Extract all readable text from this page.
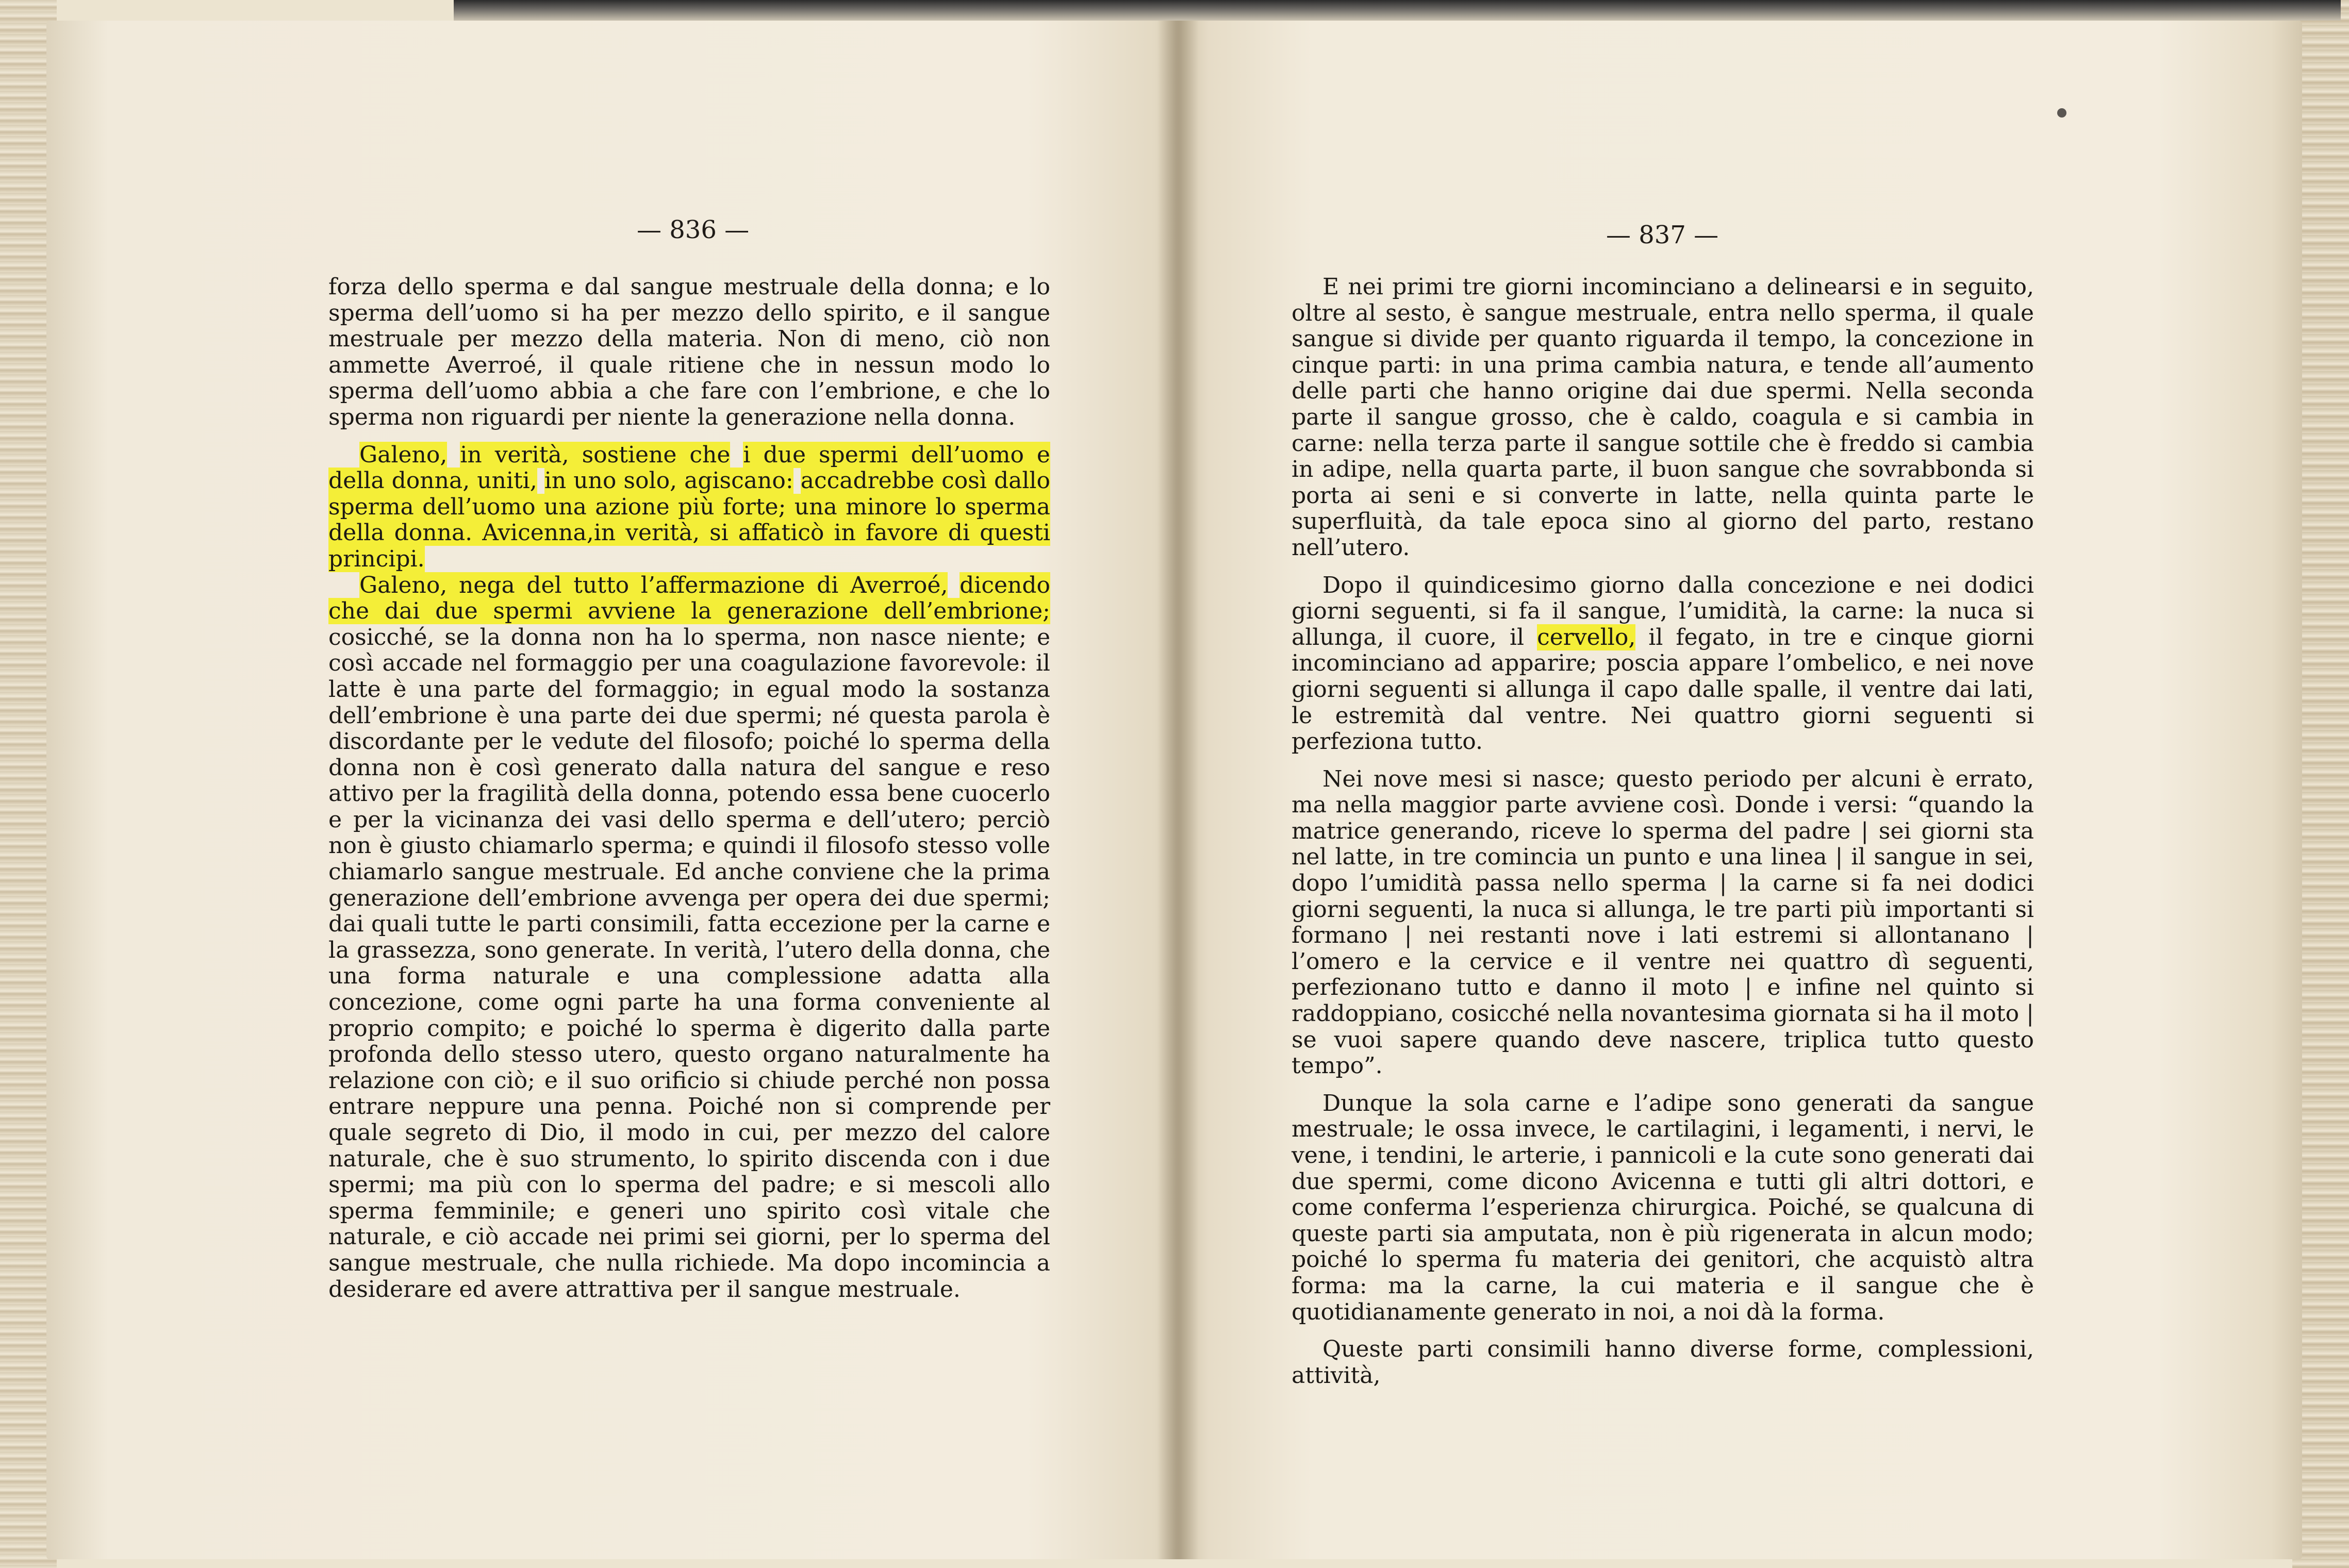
— 836 —	— 837 —

forza dello sperma e dal sangue mestruale della donna; e lo sperma dell’uomo si ha per mezzo dello spirito, e il sangue mestruale per mezzo della materia. Non di meno, ciò non ammette Averroé, il quale ritiene che in nessun modo lo sperma dell’uomo abbia a che fare con l’embrione, e che lo sperma non riguardi per niente la generazione nella donna.

Galeno, in verità, sostiene che i due spermi dell’uomo e della donna, uniti, in uno solo, agiscano: accadrebbe così dallo sperma dell’uomo una azione più forte; una minore lo sperma della donna. Avicenna,in verità, si affaticò in favore di questi principi.

Galeno, nega del tutto l’affermazione di Averroé, dicendo che dai due spermi avviene la generazione dell’embrione; cosicché, se la donna non ha lo sperma, non nasce niente; e così accade nel formaggio per una coagulazione favorevole: il latte è una parte del formaggio; in egual modo la sostanza dell’embrione è una parte dei due spermi; né questa parola è discordante per le vedute del filosofo; poiché lo sperma della donna non è così generato dalla natura del sangue e reso attivo per la fragilità della donna, potendo essa bene cuocerlo e per la vicinanza dei vasi dello sperma e dell’utero; perciò non è giusto chiamarlo sperma; e quindi il filosofo stesso volle chiamarlo sangue mestruale. Ed anche conviene che la prima generazione dell’embrione avvenga per opera dei due spermi; dai quali tutte le parti consimili, fatta eccezione per la carne e la grassezza, sono generate. In verità, l’utero della donna, che una forma naturale e una complessione adatta alla concezione, come ogni parte ha una forma conveniente al proprio compito; e poiché lo sperma è digerito dalla parte profonda dello stesso utero, questo organo naturalmente ha relazione con ciò; e il suo orificio si chiude perché non possa entrare neppure una penna. Poiché non si comprende per quale segreto di Dio, il modo in cui, per mezzo del calore naturale, che è suo strumento, lo spirito discenda con i due spermi; ma più con lo sperma del padre; e si mescoli allo sperma femminile; e generi uno spirito così vitale che naturale, e ciò accade nei primi sei giorni, per lo sperma del sangue mestruale, che nulla richiede. Ma dopo incomincia a desiderare ed avere attrattiva per il sangue mestruale.

E nei primi tre giorni incominciano a delinearsi e in seguito, oltre al sesto, è sangue mestruale, entra nello sperma, il quale sangue si divide per quanto riguarda il tempo, la concezione in cinque parti: in una prima cambia natura, e tende all’aumento delle parti che hanno origine dai due spermi. Nella seconda parte il sangue grosso, che è caldo, coagula e si cambia in carne: nella terza parte il sangue sottile che è freddo si cambia in adipe, nella quarta parte, il buon sangue che sovrabbonda si porta ai seni e si converte in latte, nella quinta parte le superfluità, da tale epoca sino al giorno del parto, restano nell’utero.

Dopo il quindicesimo giorno dalla concezione e nei dodici giorni seguenti, si fa il sangue, l’umidità, la carne: la nuca si allunga, il cuore, il cervello, il fegato, in tre e cinque giorni incominciano ad apparire; poscia appare l’ombelico, e nei nove giorni seguenti si allunga il capo dalle spalle, il ventre dai lati, le estremità dal ventre. Nei quattro giorni seguenti si perfeziona tutto.

Nei nove mesi si nasce; questo periodo per alcuni è errato, ma nella maggior parte avviene così. Donde i versi: “quando la matrice generando, riceve lo sperma del padre | sei giorni sta nel latte, in tre comincia un punto e una linea | il sangue in sei, dopo l’umidità passa nello sperma | la carne si fa nei dodici giorni seguenti, la nuca si allunga, le tre parti più importanti si formano | nei restanti nove i lati estremi si allontanano | l’omero e la cervice e il ventre nei quattro dì seguenti, perfezionano tutto e danno il moto | e infine nel quinto si raddoppiano, cosicché nella novantesima giornata si ha il moto | se vuoi sapere quando deve nascere, triplica tutto questo tempo”.

Dunque la sola carne e l’adipe sono generati da sangue mestruale; le ossa invece, le cartilagini, i legamenti, i nervi, le vene, i tendini, le arterie, i pannicoli e la cute sono generati dai due spermi, come dicono Avicenna e tutti gli altri dottori, e come conferma l’esperienza chirurgica. Poiché, se qualcuna di queste parti sia amputata, non è più rigenerata in alcun modo; poiché lo sperma fu materia dei genitori, che acquistò altra forma: ma la carne, la cui materia e il sangue che è quotidianamente generato in noi, a noi dà la forma.

Queste parti consimili hanno diverse forme, complessioni, attività,
